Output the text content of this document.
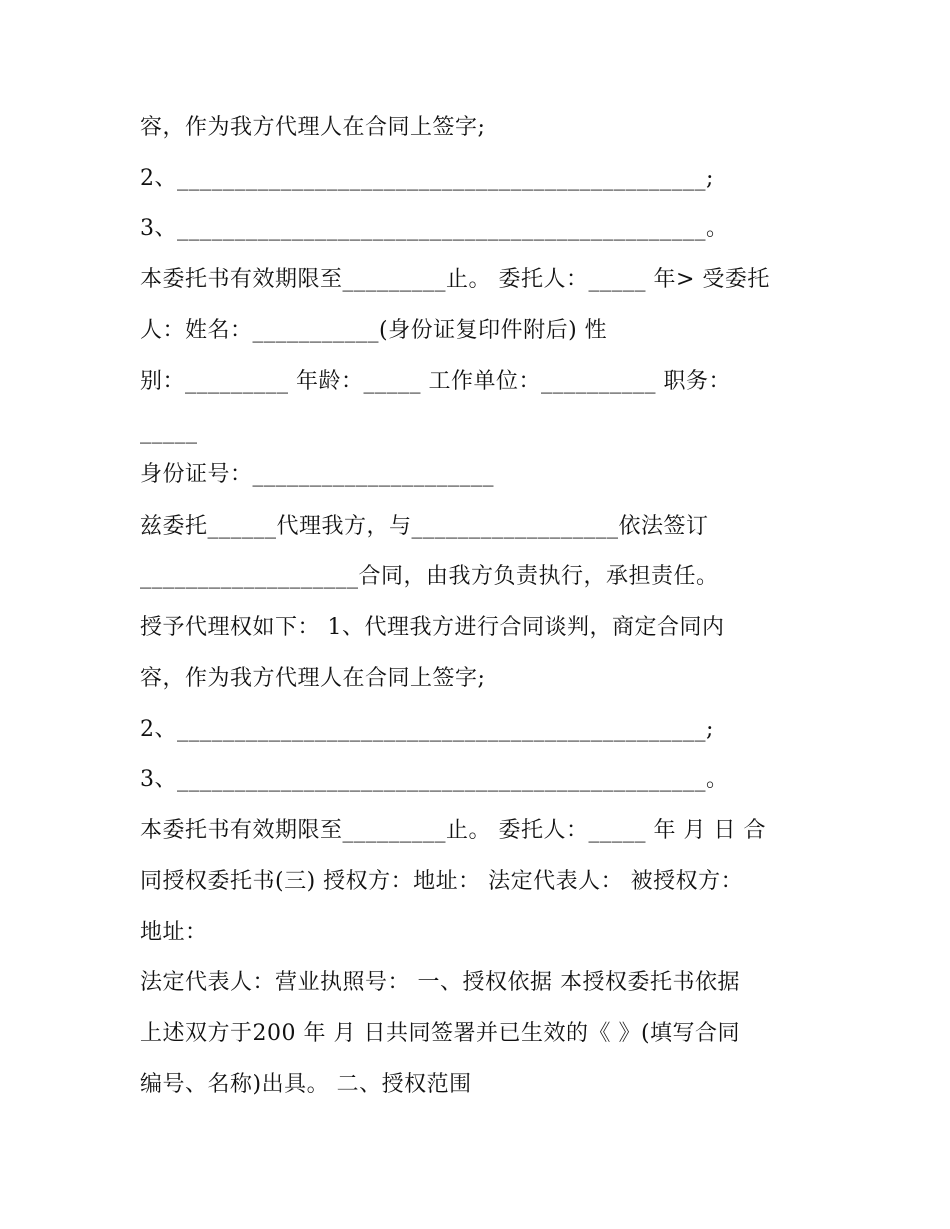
容，作为我方代理人在合同上签字;
2、______________________________________________;
3、______________________________________________。
本委托书有效期限至_________止。 委托人：_____ 年> 受委托
人：姓名：___________(身份证复印件附后) 性
别：_________ 年龄：_____ 工作单位：__________ 职务：
_____
身份证号：_____________________
兹委托______代理我方，与__________________依法签订
___________________合同，由我方负责执行，承担责任。
授予代理权如下： 1、代理我方进行合同谈判，商定合同内
容，作为我方代理人在合同上签字;
2、______________________________________________;
3、______________________________________________。
本委托书有效期限至_________止。 委托人：_____ 年 月 日 合
同授权委托书(三) 授权方：地址： 法定代表人： 被授权方：
地址：
法定代表人：营业执照号： 一、授权依据 本授权委托书依据
上述双方于200 年 月 日共同签署并已生效的《 》(填写合同
编号、名称)出具。 二、授权范围
